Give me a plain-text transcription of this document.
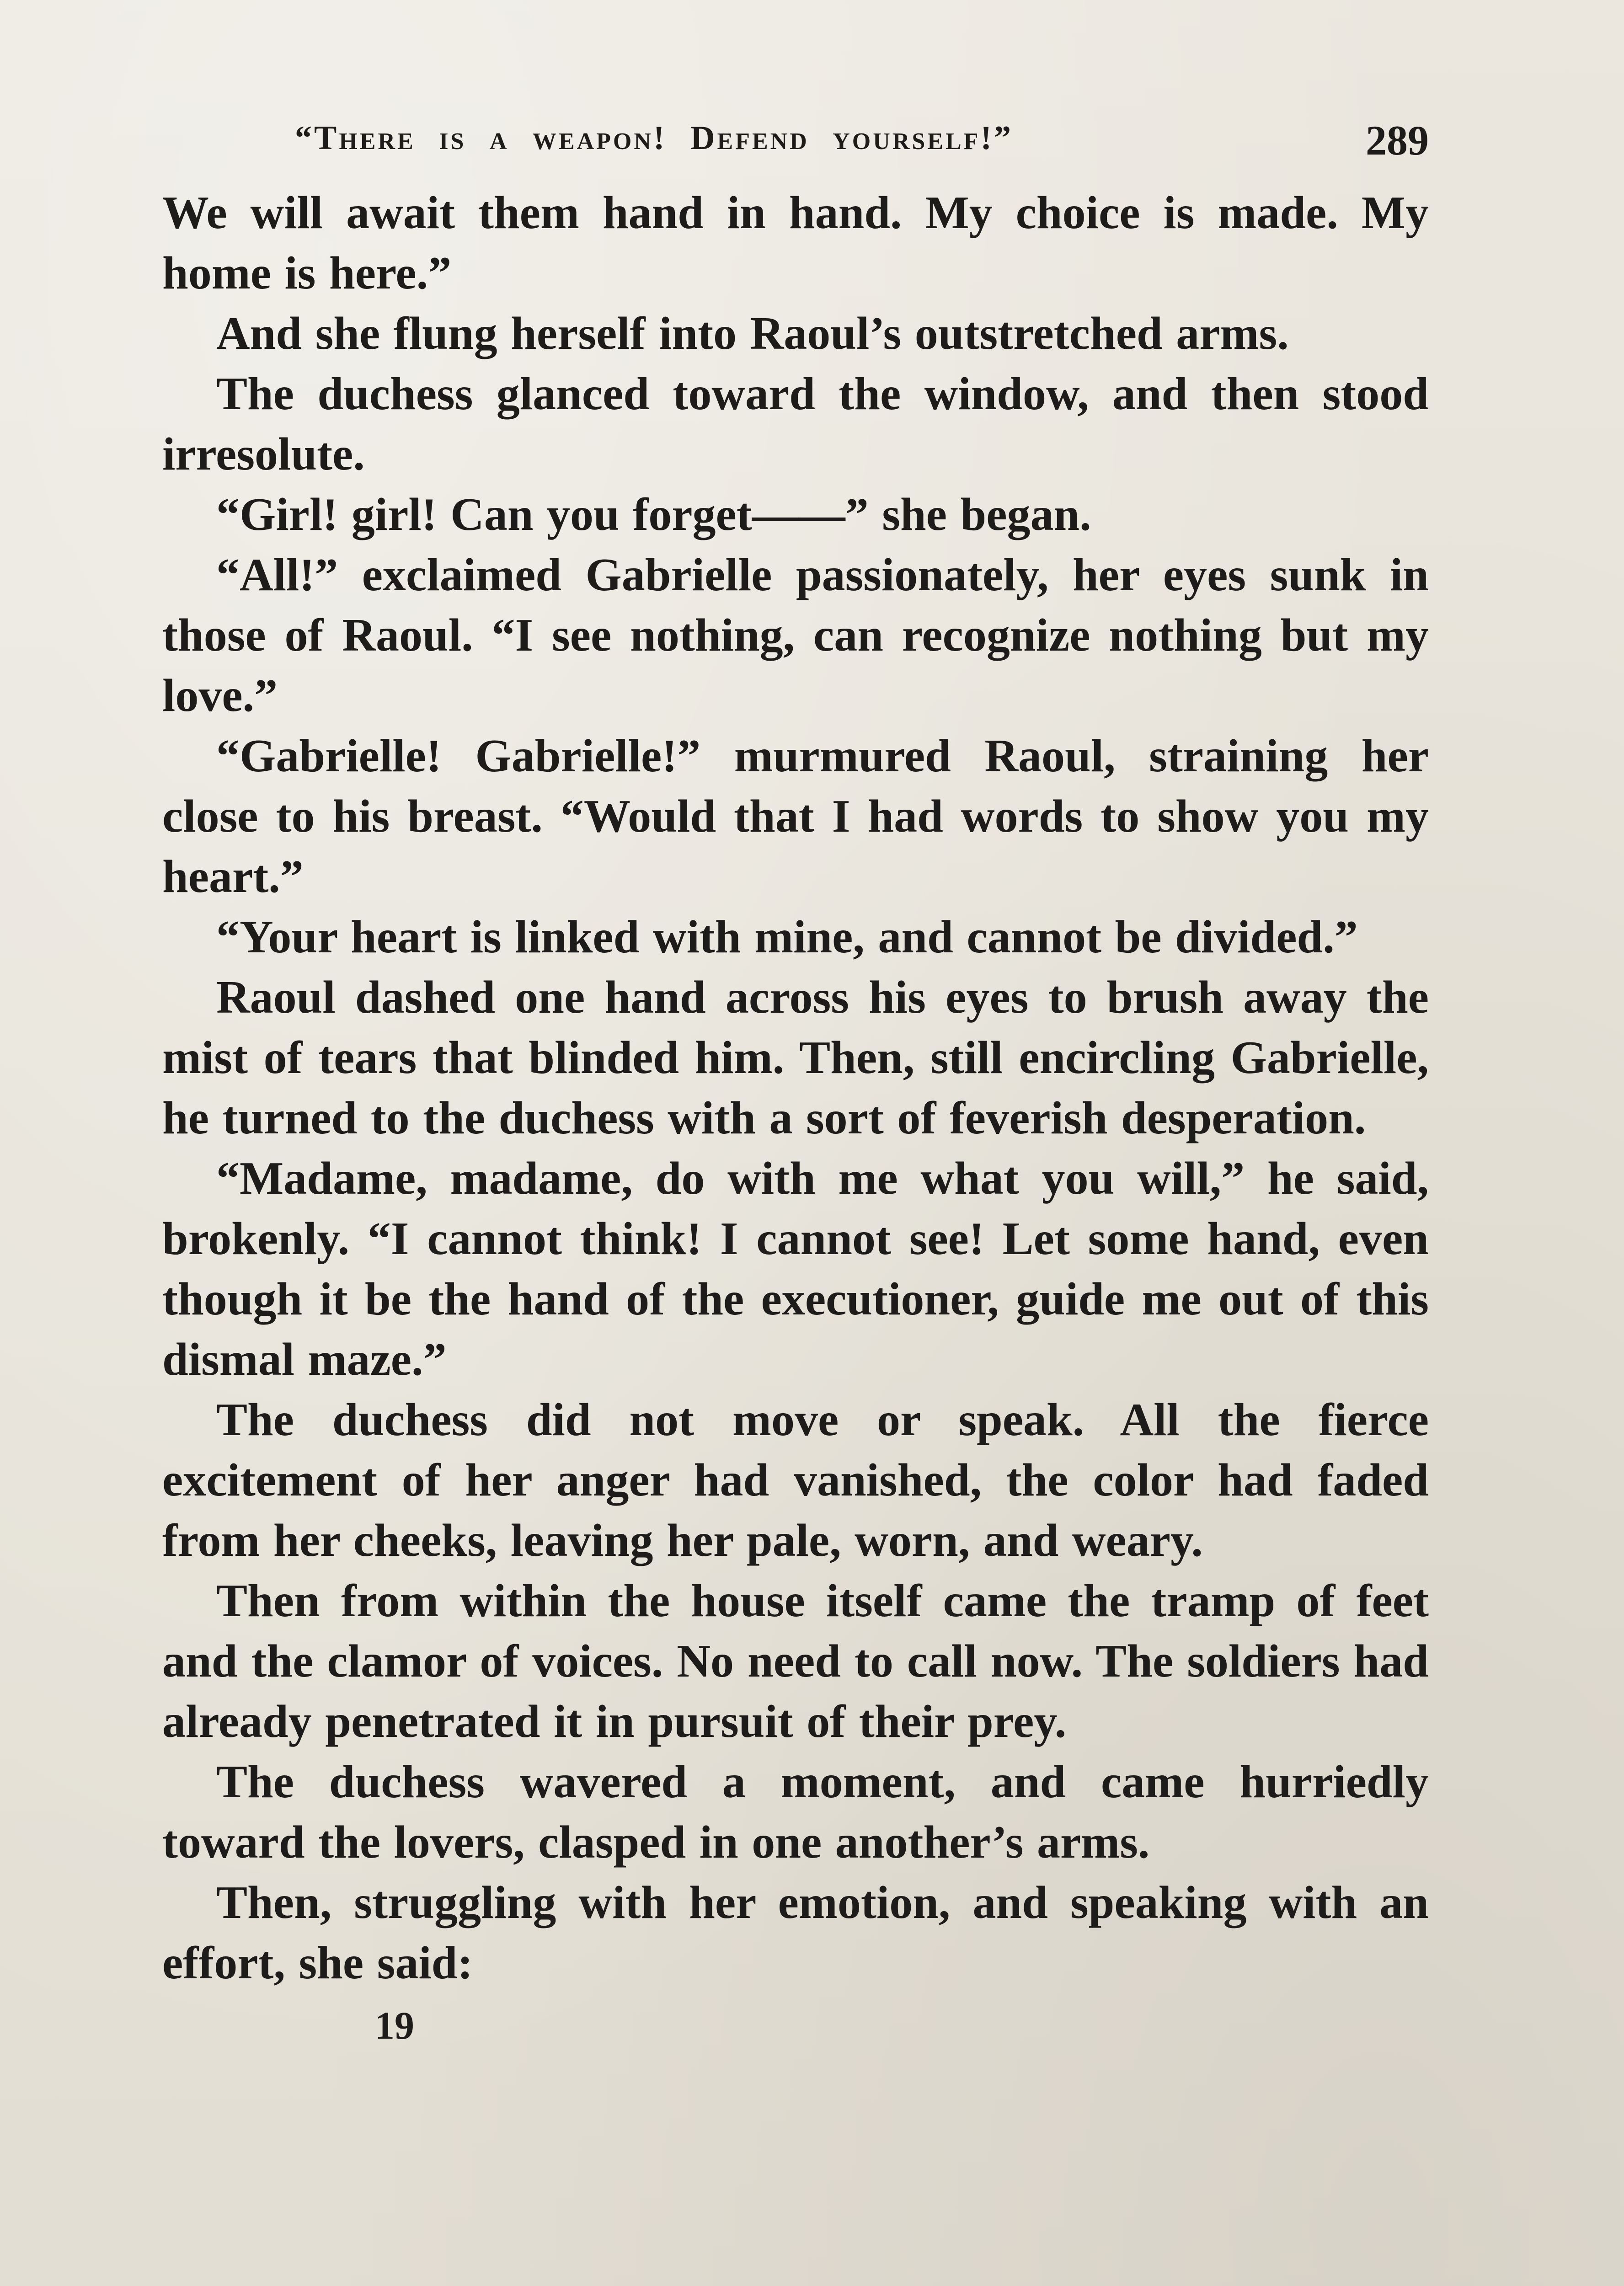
“There is a weapon! Defend yourself!”	289

We will await them hand in hand. My choice is made. My home is here.”

And she flung herself into Raoul’s outstretched arms.

The duchess glanced toward the window, and then stood irresolute.

“Girl! girl! Can you forget——” she began.

“All!” exclaimed Gabrielle passionately, her eyes sunk in those of Raoul. “I see nothing, can recognize nothing but my love.”

“Gabrielle! Gabrielle!” murmured Raoul, straining her close to his breast. “Would that I had words to show you my heart.”

“Your heart is linked with mine, and cannot be divided.”

Raoul dashed one hand across his eyes to brush away the mist of tears that blinded him. Then, still encircling Gabrielle, he turned to the duchess with a sort of feverish desperation.

“Madame, madame, do with me what you will,” he said, brokenly. “I cannot think! I cannot see! Let some hand, even though it be the hand of the executioner, guide me out of this dismal maze.”

The duchess did not move or speak. All the fierce excitement of her anger had vanished, the color had faded from her cheeks, leaving her pale, worn, and weary.

Then from within the house itself came the tramp of feet and the clamor of voices. No need to call now. The soldiers had already penetrated it in pursuit of their prey.

The duchess wavered a moment, and came hurriedly toward the lovers, clasped in one another’s arms.

Then, struggling with her emotion, and speaking with an effort, she said:

19
